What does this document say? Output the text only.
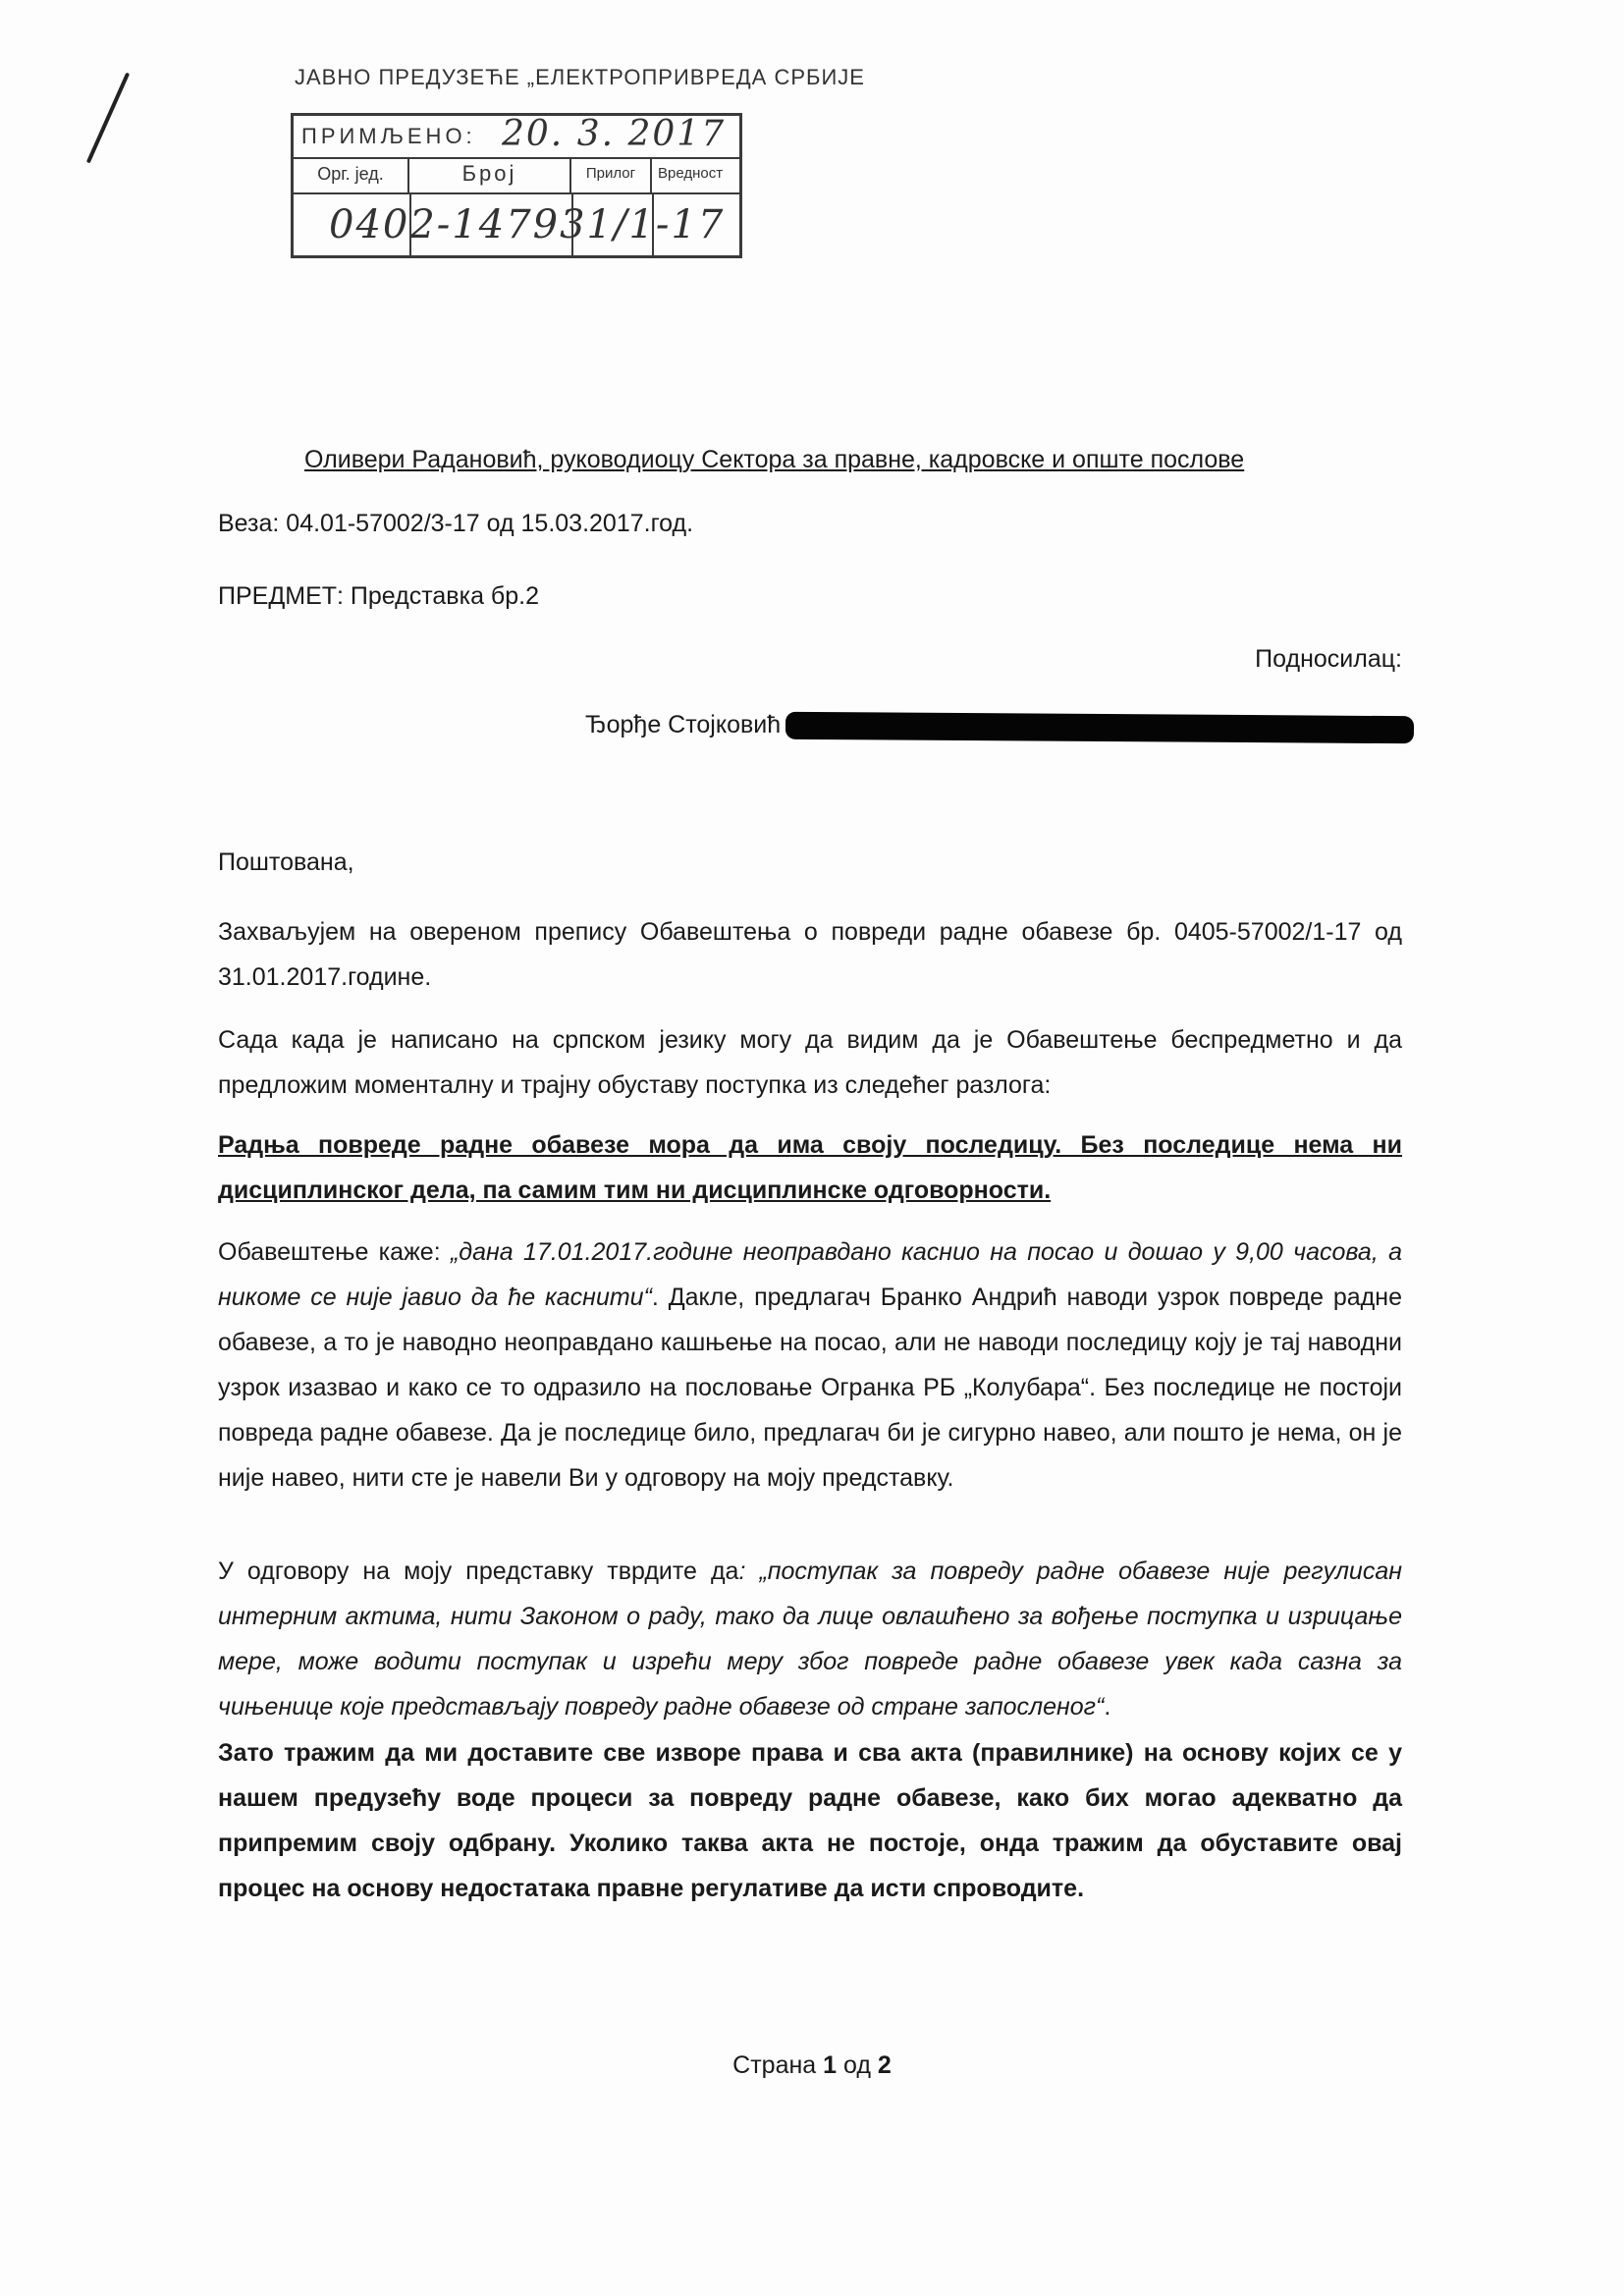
ЈАВНО ПРЕДУЗЕЋЕ „ЕЛЕКТРОПРИВРЕДА СРБИЈЕ
ПРИМЉЕНО: 20. 3. 2017
Орг. јед.	Број	Прилог	Вредност
0402-147931/1-17
Оливери Радановић, руководиоцу Сектора за правне, кадровске и опште послове
Веза: 04.01-57002/3-17 од 15.03.2017.год.
ПРЕДМЕТ: Представка бр.2
Подносилац:
Ђорђе Стојковић
Поштована,
Захваљујем на овереном препису Обавештења о повреди радне обавезе бр. 0405-57002/1-17 од 31.01.2017.године.
Сада када је написано на српском језику могу да видим да је Обавештење беспредметно и да предложим моменталну и трајну обуставу поступка из следећег разлога:
Радња повреде радне обавезе мора да има своју последицу. Без последице нема ни дисциплинског дела, па самим тим ни дисциплинске одговорности.
Обавештење каже: „дана 17.01.2017.године неоправдано каснио на посао и дошао у 9,00 часова, а никоме се није јавио да ће каснити“. Дакле, предлагач Бранко Андрић наводи узрок повреде радне обавезе, а то је наводно неоправдано кашњење на посао, али не наводи последицу коју је тај наводни узрок изазвао и како се то одразило на пословање Огранка РБ „Колубара“. Без последице не постоји повреда радне обавезе. Да је последице било, предлагач би је сигурно навео, али пошто је нема, он је није навео, нити сте је навели Ви у одговору на моју представку.
У одговору на моју представку тврдите да: „поступак за повреду радне обавезе није регулисан интерним актима, нити Законом о раду, тако да лице овлашћено за вођење поступка и изрицање мере, може водити поступак и изрећи меру због повреде радне обавезе увек када сазна за чињенице које представљају повреду радне обавезе од стране запосленог“.
Зато тражим да ми доставите све изворе права и сва акта (правилнике) на основу којих се у нашем предузећу воде процеси за повреду радне обавезе, како бих могао адекватно да припремим своју одбрану. Уколико таква акта не постоје, онда тражим да обуставите овај процес на основу недостатака правне регулативе да исти спроводите.
Страна 1 од 2
